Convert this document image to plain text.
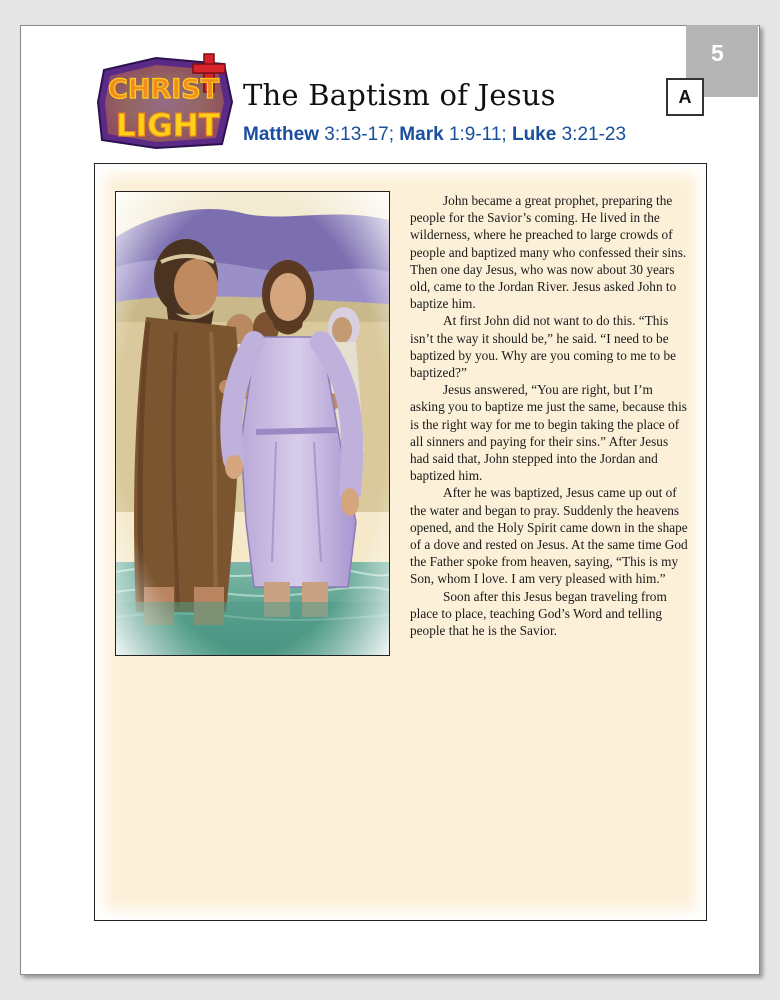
5
A
CHRIST
LIGHT
The Baptism of Jesus
Matthew 3:13-17; Mark 1:9-11; Luke 3:21-23

John became a great prophet, preparing the people for the Savior’s coming. He lived in the wilderness, where he preached to large crowds of people and baptized many who confessed their sins. Then one day Jesus, who was now about 30 years old, came to the Jordan River. Jesus asked John to baptize him.

At first John did not want to do this. “This isn’t the way it should be,” he said. “I need to be baptized by you. Why are you coming to me to be baptized?”

Jesus answered, “You are right, but I’m asking you to baptize me just the same, because this is the right way for me to begin taking the place of all sinners and paying for their sins.” After Jesus had said that, John stepped into the Jordan and baptized him.

After he was baptized, Jesus came up out of the water and began to pray. Suddenly the heavens opened, and the Holy Spirit came down in the shape of a dove and rested on Jesus. At the same time God the Father spoke from heaven, saying, “This is my Son, whom I love. I am very pleased with him.”

Soon after this Jesus began traveling from place to place, teaching God’s Word and telling people that he is the Savior.
